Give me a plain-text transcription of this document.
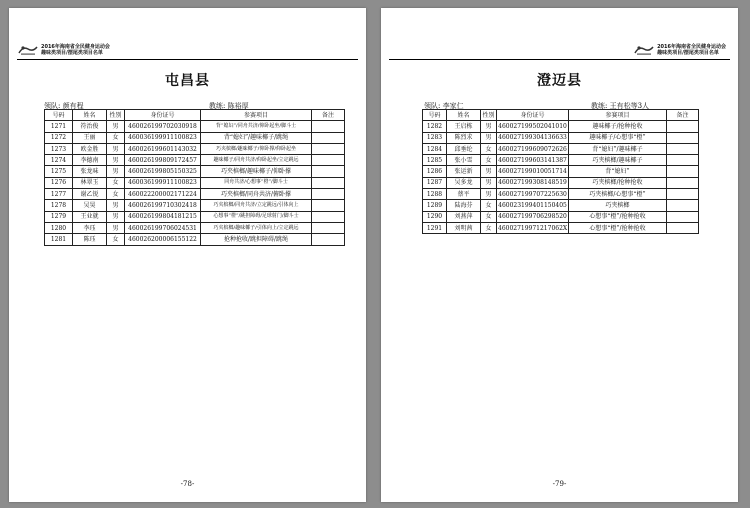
2016年海南省全民健身运动会
趣味类项目/摆尾类项目名单
屯昌县
领队: 颜有程	教练: 陈裕厚
号码	姓名	性别	身份证号	参赛项目	备注
1271	符治俊	男	460026199702030918	背“媳妇”/同舟共济/仰卧起坐/脚斗士	
1272	王丽	女	460036199911100823	背“媳妇”/趣味椰子/跳绳	
1273	欧金胜	男	460026199601143032	巧夹槟榔/趣味椰子/仰卧撑/仰卧起坐	
1274	李德南	男	460026199809172457	趣味椰子/同舟共济/仰卧起坐/立定跳远	
1275	张龙味	男	460026199805150325	巧夹槟榔/趣味椰子/仰卧撑	
1276	林翠玉	女	460036199911100823	同舟共济/心想事“橙”/脚斗士	
1277	谢乙锐	女	460022200002171224	巧夹槟榔/同舟共济/俯卧撑	
1278	吴昊	男	460026199710302418	巧夹槟榔/同舟共济/立定跳远/引体向上	
1279	王业就	男	460026199804181215	心想事“橙”/跳担障碍/足球射门/脚斗士	
1280	李珏	男	460026199706024531	巧夹槟榔/趣味椰子/引体向上/立定跳远	
1281	陈珏	女	460026200006155122	抢种抢收/跳担障碍/跳绳	
-78-
2016年海南省全民健身运动会
趣味类项目/摆尾类项目名单
澄迈县
领队: 李家仁	教练: 王有松等3人
号码	姓名	性别	身份证号	参赛项目	备注
1282	王启栋	男	460027199502041010	趣味椰子/抢种抢收	
1283	陈烈求	男	460027199304136633	趣味椰子/心想事“橙”	
1284	邱垂纶	女	460027199609072626	背“媳妇”/趣味椰子	
1285	张小雪	女	460027199603141387	巧夹槟榔/趣味椰子	
1286	张运新	男	460027199010051714	背“媳妇”	
1287	吴多龙	男	460027199308148519	巧夹槟榔/抢种抢收	
1288	蔡平	男	460027199707225630	巧夹槟榔/心想事“橙”	
1289	陆海芬	女	460023199401150405	巧夹槟榔	
1290	刘燕萍	女	460027199706298520	心想事“橙”/抢种抢收	
1291	刘明茜	女	46002719971217062X	心想事“橙”/抢种抢收	
-79-
